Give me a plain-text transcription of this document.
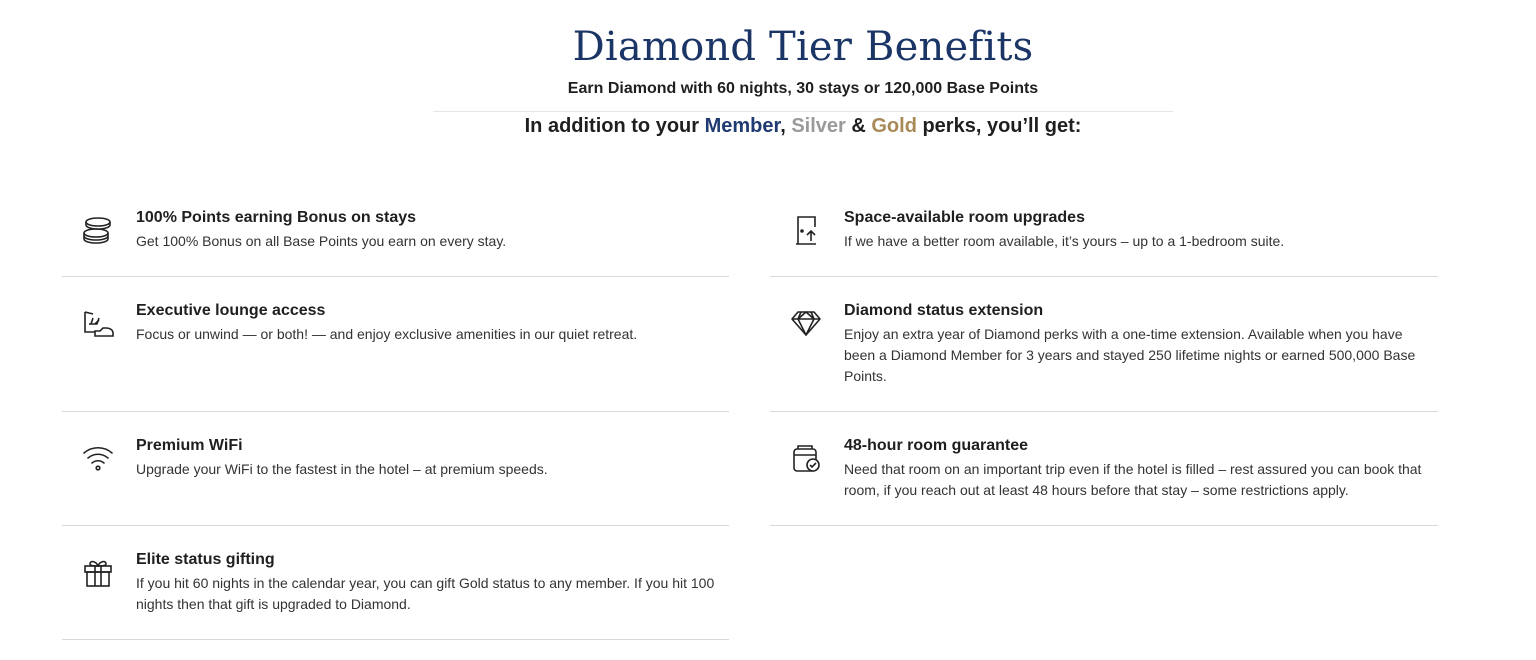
Diamond Tier Benefits

Earn Diamond with 60 nights, 30 stays or 120,000 Base Points

In addition to your Member, Silver & Gold perks, you’ll get:

100% Points earning Bonus on stays

Get 100% Bonus on all Base Points you earn on every stay.

Executive lounge access

Focus or unwind — or both! — and enjoy exclusive amenities in our quiet retreat.

Premium WiFi

Upgrade your WiFi to the fastest in the hotel – at premium speeds.

Elite status gifting

If you hit 60 nights in the calendar year, you can gift Gold status to any member. If you hit 100 nights then that gift is upgraded to Diamond.

Space-available room upgrades

If we have a better room available, it’s yours – up to a 1-bedroom suite.

Diamond status extension

Enjoy an extra year of Diamond perks with a one-time extension. Available when you have been a Diamond Member for 3 years and stayed 250 lifetime nights or earned 500,000 Base Points.

48-hour room guarantee

Need that room on an important trip even if the hotel is filled – rest assured you can book that room, if you reach out at least 48 hours before that stay – some restrictions apply.
